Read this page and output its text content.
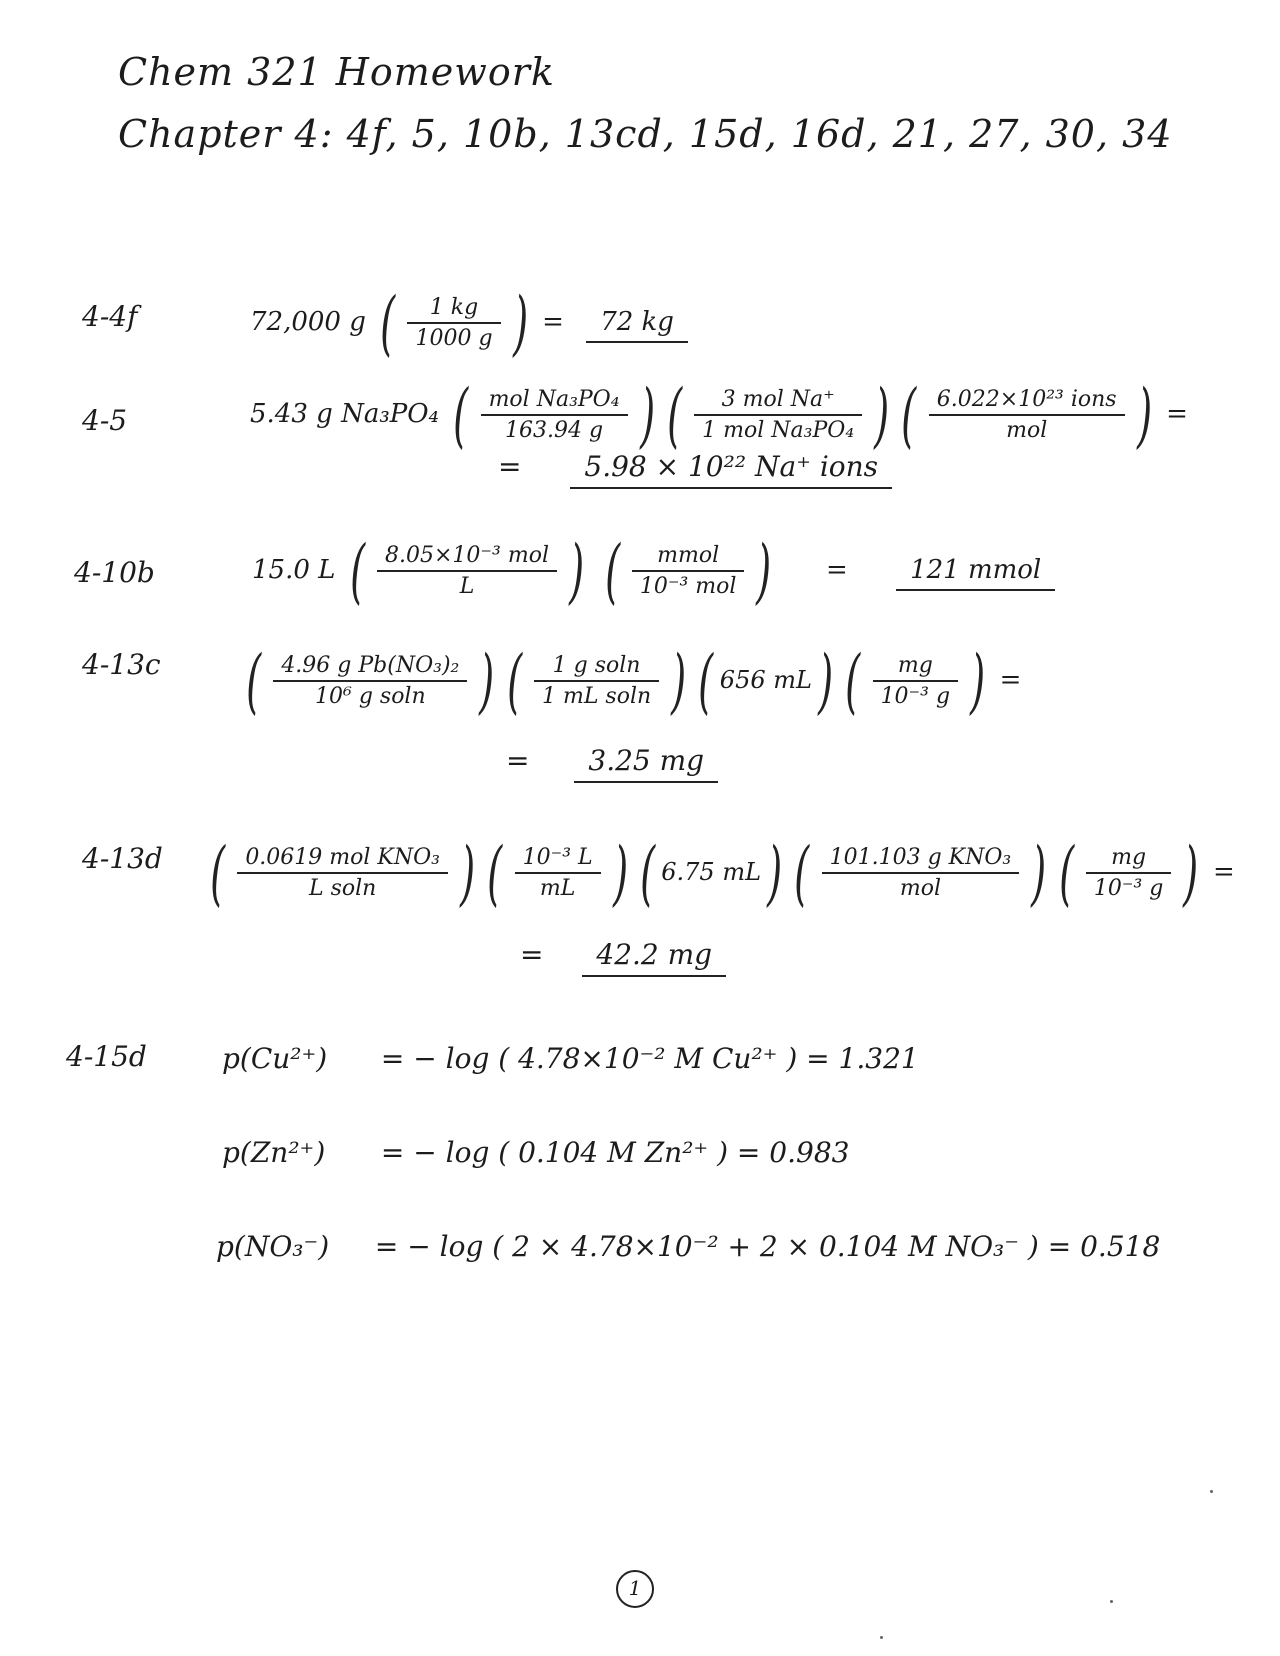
Chem 321 Homework
Chapter 4: 4f, 5, 10b, 13cd, 15d, 16d, 21, 27, 30, 34
4-4f	72,000 g ( $\frac{1 kg}{1000 g}$ ) = 72 kg
4-5	5.43 g Na₃PO₄ ( $\frac{\text{mol Na₃PO₄}}{163.94 g}$ ) ( $\frac{\text{3 mol Na⁺}}{\text{1 mol Na₃PO₄}}$ ) ( $\frac{\text{6.022×10²³ ions}}{\text{mol}}$ ) =
= 5.98 × 10²² Na⁺ ions
4-10b	15.0 L ( $\frac{\text{8.05×10⁻³ mol}}{L}$ ) ( $\frac{\text{mmol}}{\text{10⁻³ mol}}$ ) = 121 mmol
4-13c ( $\frac{\text{4.96 g Pb(NO₃)₂}}{\text{10⁶ g soln}}$ ) ( $\frac{\text{1 g soln}}{\text{1 mL soln}}$ ) ( 656 mL) ( $\frac{mg}{\text{10⁻³ g}}$ ) =
= 3.25 mg
4-13d ( $\frac{\text{0.0619 mol KNO₃}}{\text{L soln}}$ ) ( $\frac{\text{10⁻³ L}}{mL}$ ) ( 6.75 mL) ( $\frac{\text{101.103 g KNO₃}}{\text{mol}}$ ) ( $\frac{mg}{\text{10⁻³ g}}$ ) =
= 42.2 mg
4-15d	p(Cu²⁺) = − log ( 4.78×10⁻² M Cu²⁺ ) = 1.321
p(Zn²⁺) = − log ( 0.104 M Zn²⁺ ) = 0.983
p(NO₃⁻) = − log ( 2 × 4.78×10⁻² + 2 × 0.104 M NO₃⁻ ) = 0.518
1
